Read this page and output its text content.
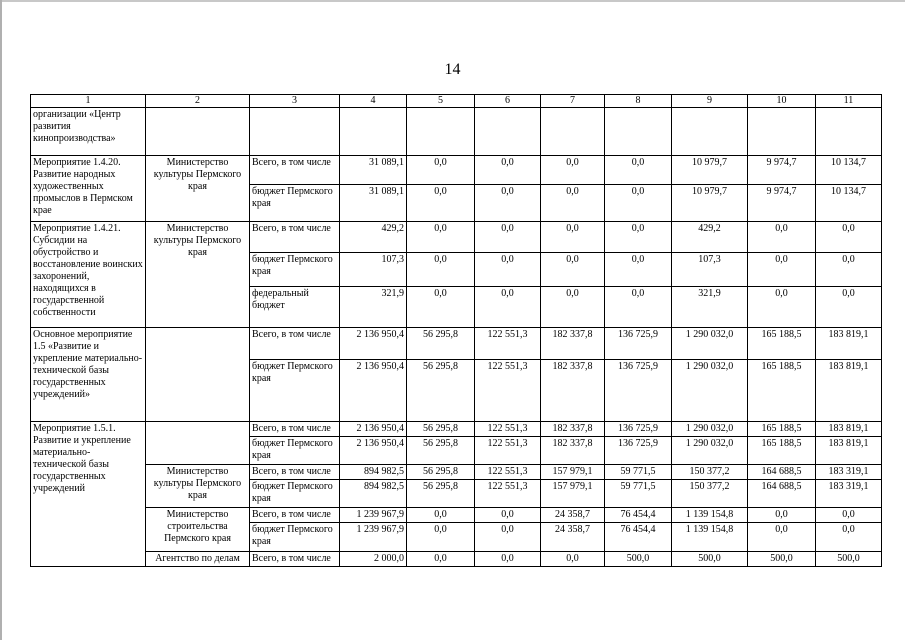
14
1	2	3	4	5	6	7	8	9	10	11
организации «Центр развития кинопроизводства»										
Мероприятие 1.4.20. Развитие народных художественных промыслов в Пермском крае	Министерство культуры Пермского края	Всего, в том числе	31 089,1	0,0	0,0	0,0	0,0	10 979,7	9 974,7	10 134,7
		бюджет Пермского края	31 089,1	0,0	0,0	0,0	0,0	10 979,7	9 974,7	10 134,7
Мероприятие 1.4.21. Субсидии на обустройство и восстановление воинских захоронений, находящихся в государственной собственности	Министерство культуры Пермского края	Всего, в том числе	429,2	0,0	0,0	0,0	0,0	429,2	0,0	0,0
		бюджет Пермского края	107,3	0,0	0,0	0,0	0,0	107,3	0,0	0,0
		федеральный бюджет	321,9	0,0	0,0	0,0	0,0	321,9	0,0	0,0
Основное мероприятие 1.5 «Развитие и укрепление материально-технической базы государственных учреждений»		Всего, в том числе	2 136 950,4	56 295,8	122 551,3	182 337,8	136 725,9	1 290 032,0	165 188,5	183 819,1
		бюджет Пермского края	2 136 950,4	56 295,8	122 551,3	182 337,8	136 725,9	1 290 032,0	165 188,5	183 819,1
Мероприятие 1.5.1. Развитие и укрепление материально-технической базы государственных учреждений		Всего, в том числе	2 136 950,4	56 295,8	122 551,3	182 337,8	136 725,9	1 290 032,0	165 188,5	183 819,1
		бюджет Пермского края	2 136 950,4	56 295,8	122 551,3	182 337,8	136 725,9	1 290 032,0	165 188,5	183 819,1
	Министерство культуры Пермского края	Всего, в том числе	894 982,5	56 295,8	122 551,3	157 979,1	59 771,5	150 377,2	164 688,5	183 319,1
		бюджет Пермского края	894 982,5	56 295,8	122 551,3	157 979,1	59 771,5	150 377,2	164 688,5	183 319,1
	Министерство строительства Пермского края	Всего, в том числе	1 239 967,9	0,0	0,0	24 358,7	76 454,4	1 139 154,8	0,0	0,0
		бюджет Пермского края	1 239 967,9	0,0	0,0	24 358,7	76 454,4	1 139 154,8	0,0	0,0
	Агентство по делам	Всего, в том числе	2 000,0	0,0	0,0	0,0	500,0	500,0	500,0	500,0
